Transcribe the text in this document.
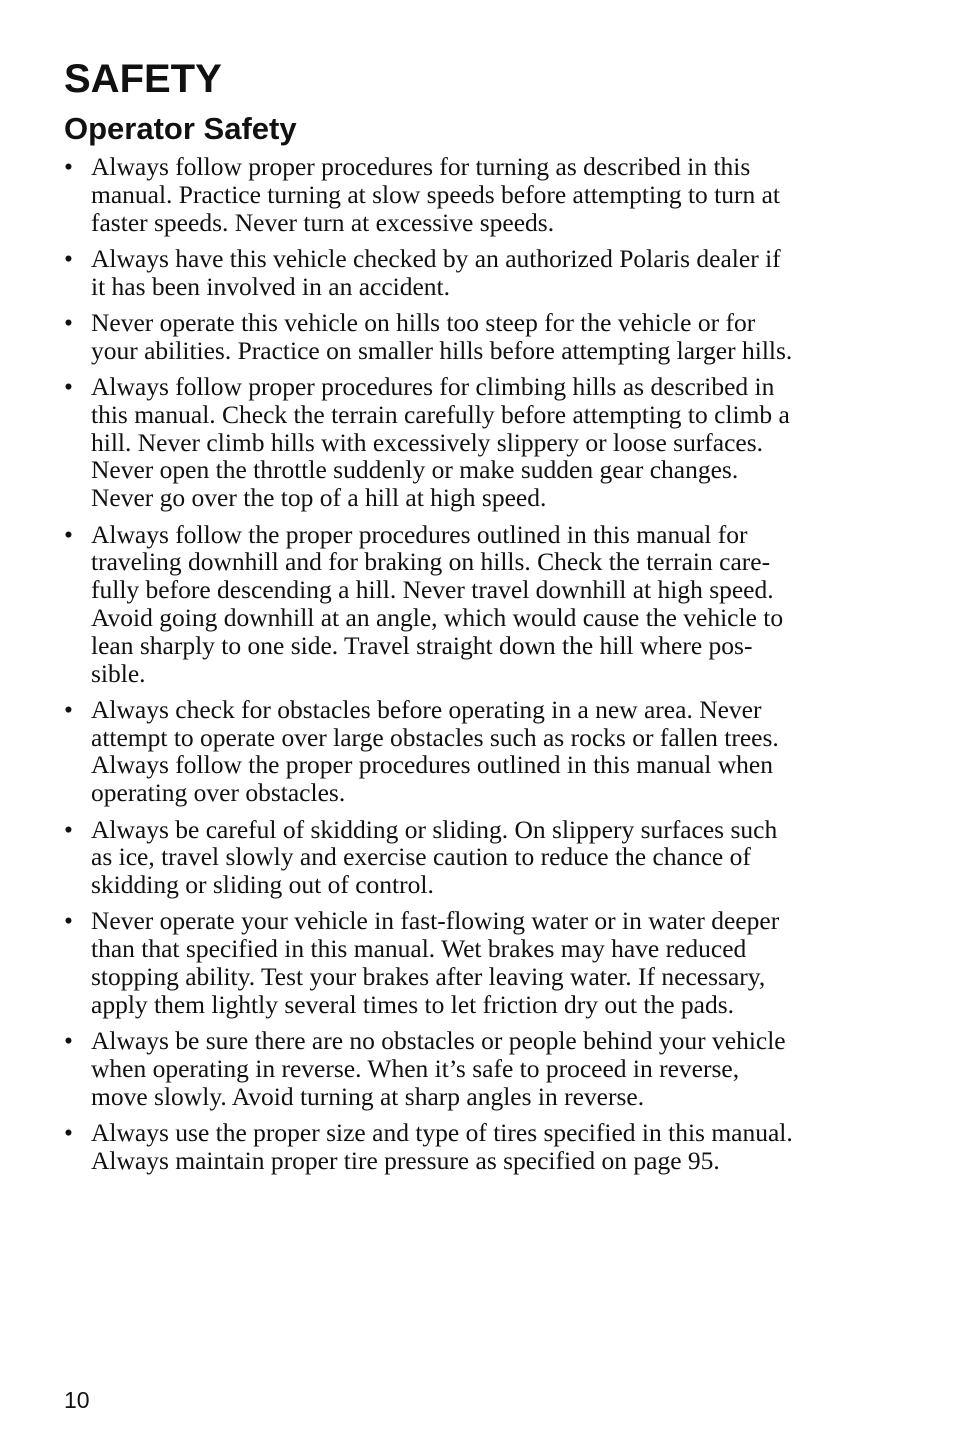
SAFETY
Operator Safety
• Always follow proper procedures for turning as described in this
manual. Practice turning at slow speeds before attempting to turn at
faster speeds. Never turn at excessive speeds.
• Always have this vehicle checked by an authorized Polaris dealer if
it has been involved in an accident.
• Never operate this vehicle on hills too steep for the vehicle or for
your abilities. Practice on smaller hills before attempting larger hills.
• Always follow proper procedures for climbing hills as described in
this manual. Check the terrain carefully before attempting to climb a
hill. Never climb hills with excessively slippery or loose surfaces.
Never open the throttle suddenly or make sudden gear changes.
Never go over the top of a hill at high speed.
• Always follow the proper procedures outlined in this manual for
traveling downhill and for braking on hills. Check the terrain care-
fully before descending a hill. Never travel downhill at high speed.
Avoid going downhill at an angle, which would cause the vehicle to
lean sharply to one side. Travel straight down the hill where pos-
sible.
• Always check for obstacles before operating in a new area. Never
attempt to operate over large obstacles such as rocks or fallen trees.
Always follow the proper procedures outlined in this manual when
operating over obstacles.
• Always be careful of skidding or sliding. On slippery surfaces such
as ice, travel slowly and exercise caution to reduce the chance of
skidding or sliding out of control.
• Never operate your vehicle in fast-flowing water or in water deeper
than that specified in this manual. Wet brakes may have reduced
stopping ability. Test your brakes after leaving water. If necessary,
apply them lightly several times to let friction dry out the pads.
• Always be sure there are no obstacles or people behind your vehicle
when operating in reverse. When it’s safe to proceed in reverse,
move slowly. Avoid turning at sharp angles in reverse.
• Always use the proper size and type of tires specified in this manual.
Always maintain proper tire pressure as specified on page 95.
10
